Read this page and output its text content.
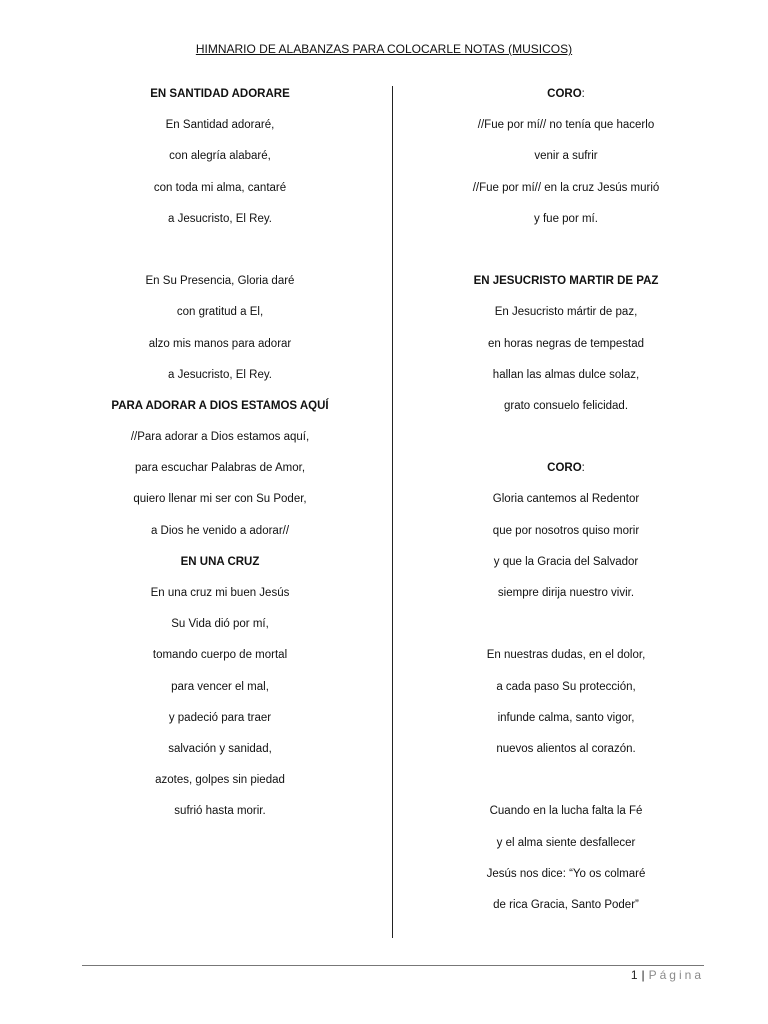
HIMNARIO DE ALABANZAS PARA COLOCARLE NOTAS (MUSICOS)
EN SANTIDAD ADORARE
En Santidad adoraré,
con alegría alabaré,
con toda mi alma, cantaré
a Jesucristo, El Rey.
En Su Presencia, Gloria daré
con gratitud a El,
alzo mis manos para adorar
a Jesucristo, El Rey.
PARA ADORAR A DIOS ESTAMOS AQUÍ
//Para adorar a Dios estamos aquí,
para escuchar Palabras de Amor,
quiero llenar mi ser con Su Poder,
a Dios he venido a adorar//
EN UNA CRUZ
En una cruz mi buen Jesús
Su Vida dió por mí,
tomando cuerpo de mortal
para vencer el mal,
y padeció para traer
salvación y sanidad,
azotes, golpes sin piedad
sufrió hasta morir.
CORO:
//Fue por mí// no tenía que hacerlo
venir a sufrir
//Fue por mí// en la cruz Jesús murió
y fue por mí.
EN JESUCRISTO MARTIR DE PAZ
En Jesucristo mártir de paz,
en horas negras de tempestad
hallan las almas dulce solaz,
grato consuelo felicidad.
CORO:
Gloria cantemos al Redentor
que por nosotros quiso morir
y que la Gracia del Salvador
siempre dirija nuestro vivir.
En nuestras dudas, en el dolor,
a cada paso Su protección,
infunde calma, santo vigor,
nuevos alientos al corazón.
Cuando en la lucha falta la Fé
y el alma siente desfallecer
Jesús nos dice: “Yo os colmaré
de rica Gracia, Santo Poder”
1 | Página
